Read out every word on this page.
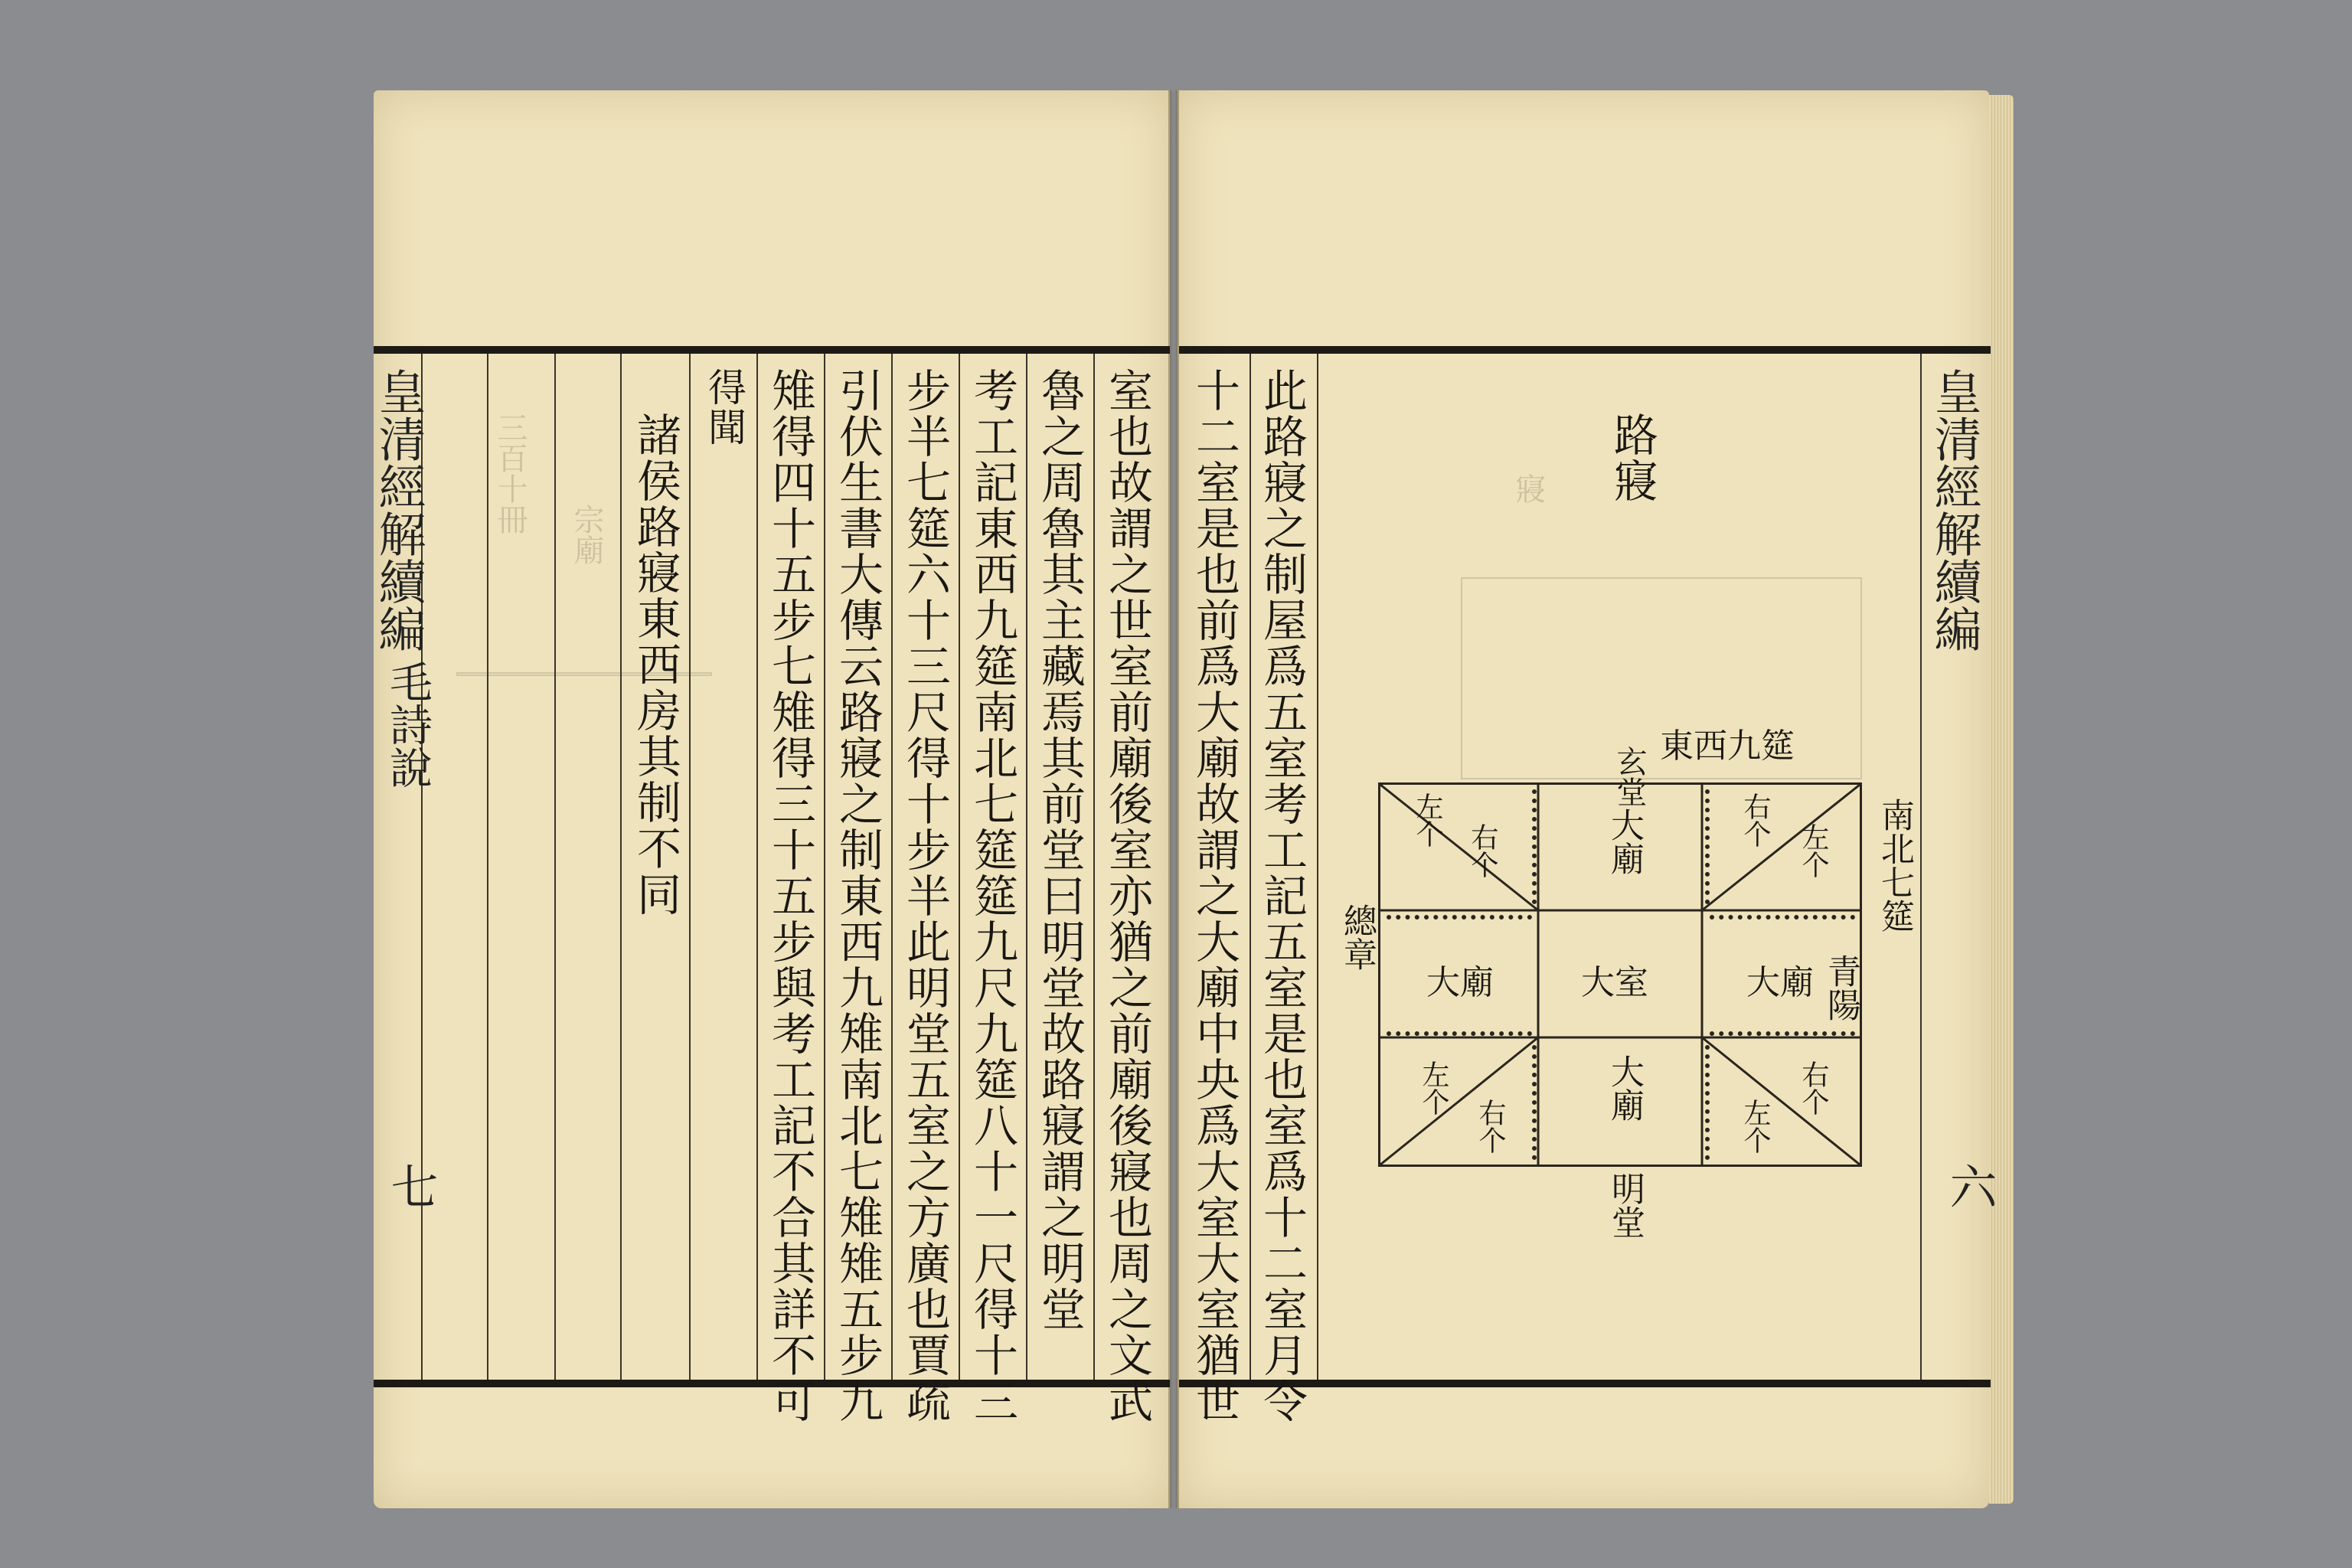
皇清經解續編
毛詩說
七
三百十冊 宗廟	室也故謂之世室前廟後室亦猶之前廟後寢也周之文武
魯之周魯其主藏焉其前堂曰明堂故路寢謂之明堂
考工記東西九筵南北七筵筵九尺九筵八十一尺得十三
步半七筵六十三尺得十步半此明堂五室之方廣也賈疏
引伏生書大傳云路寢之制東西九雉南北七雉雉五步九
雉得四十五步七雉得三十五步與考工記不合其詳不可
得聞
諸侯路寢東西房其制不同	此路寢之制屋爲五室考工記五室是也室爲十二室月令
十二室是也前爲大廟故謂之大廟中央爲大室大室猶世	皇清經解續編
六
路寢
寢
玄堂 東西九筵
南北七筵
青陽
總章
大廟
大廟	大室	大廟
大廟
右个
左个	右个
左个
左个
右个
右个
左个
明堂
